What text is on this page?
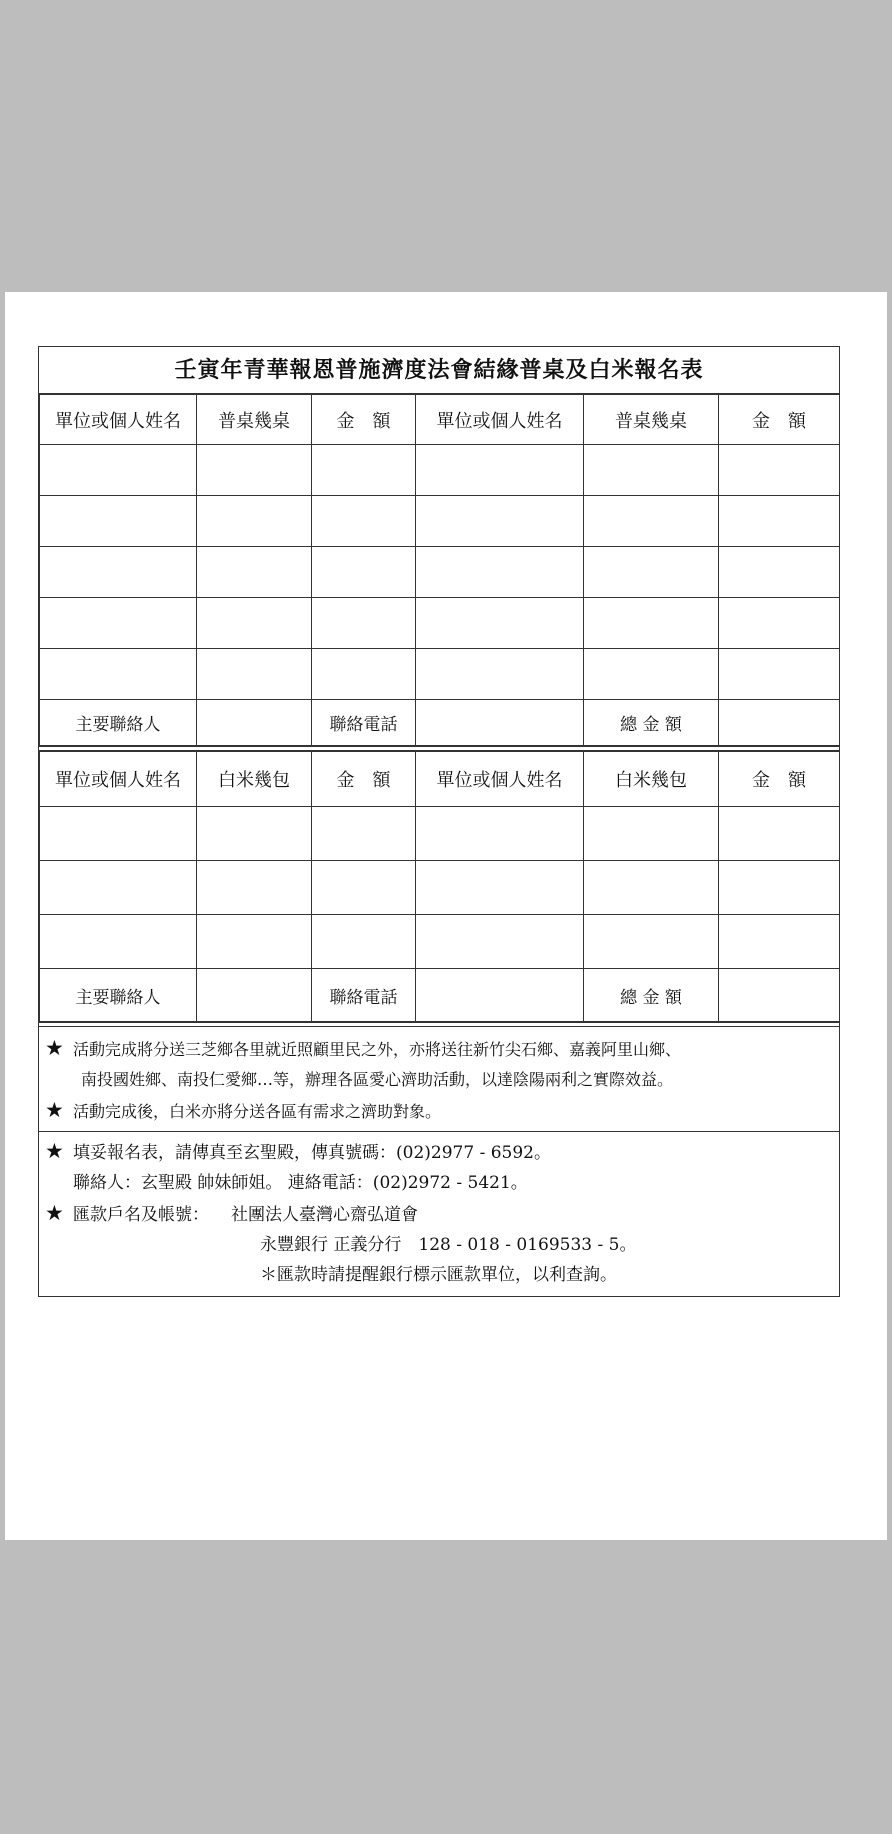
壬寅年青華報恩普施濟度法會結緣普桌及白米報名表
單位或個人姓名	普桌幾桌	金　額	單位或個人姓名	普桌幾桌	金　額

主要聯絡人		聯絡電話		總 金 額	
單位或個人姓名	白米幾包	金　額	單位或個人姓名	白米幾包	金　額

主要聯絡人		聯絡電話		總 金 額	
★ 活動完成將分送三芝鄉各里就近照顧里民之外，亦將送往新竹尖石鄉、嘉義阿里山鄉、
南投國姓鄉、南投仁愛鄉…等，辦理各區愛心濟助活動，以達陰陽兩利之實際效益。
★ 活動完成後，白米亦將分送各區有需求之濟助對象。
★ 填妥報名表，請傳真至玄聖殿，傳真號碼：(02)2977 - 6592。
聯絡人：玄聖殿 帥妹師姐。 連絡電話：(02)2972 - 5421。
★ 匯款戶名及帳號： 社團法人臺灣心齋弘道會
永豐銀行 正義分行　128 - 018 - 0169533 - 5。
＊匯款時請提醒銀行標示匯款單位，以利查詢。
